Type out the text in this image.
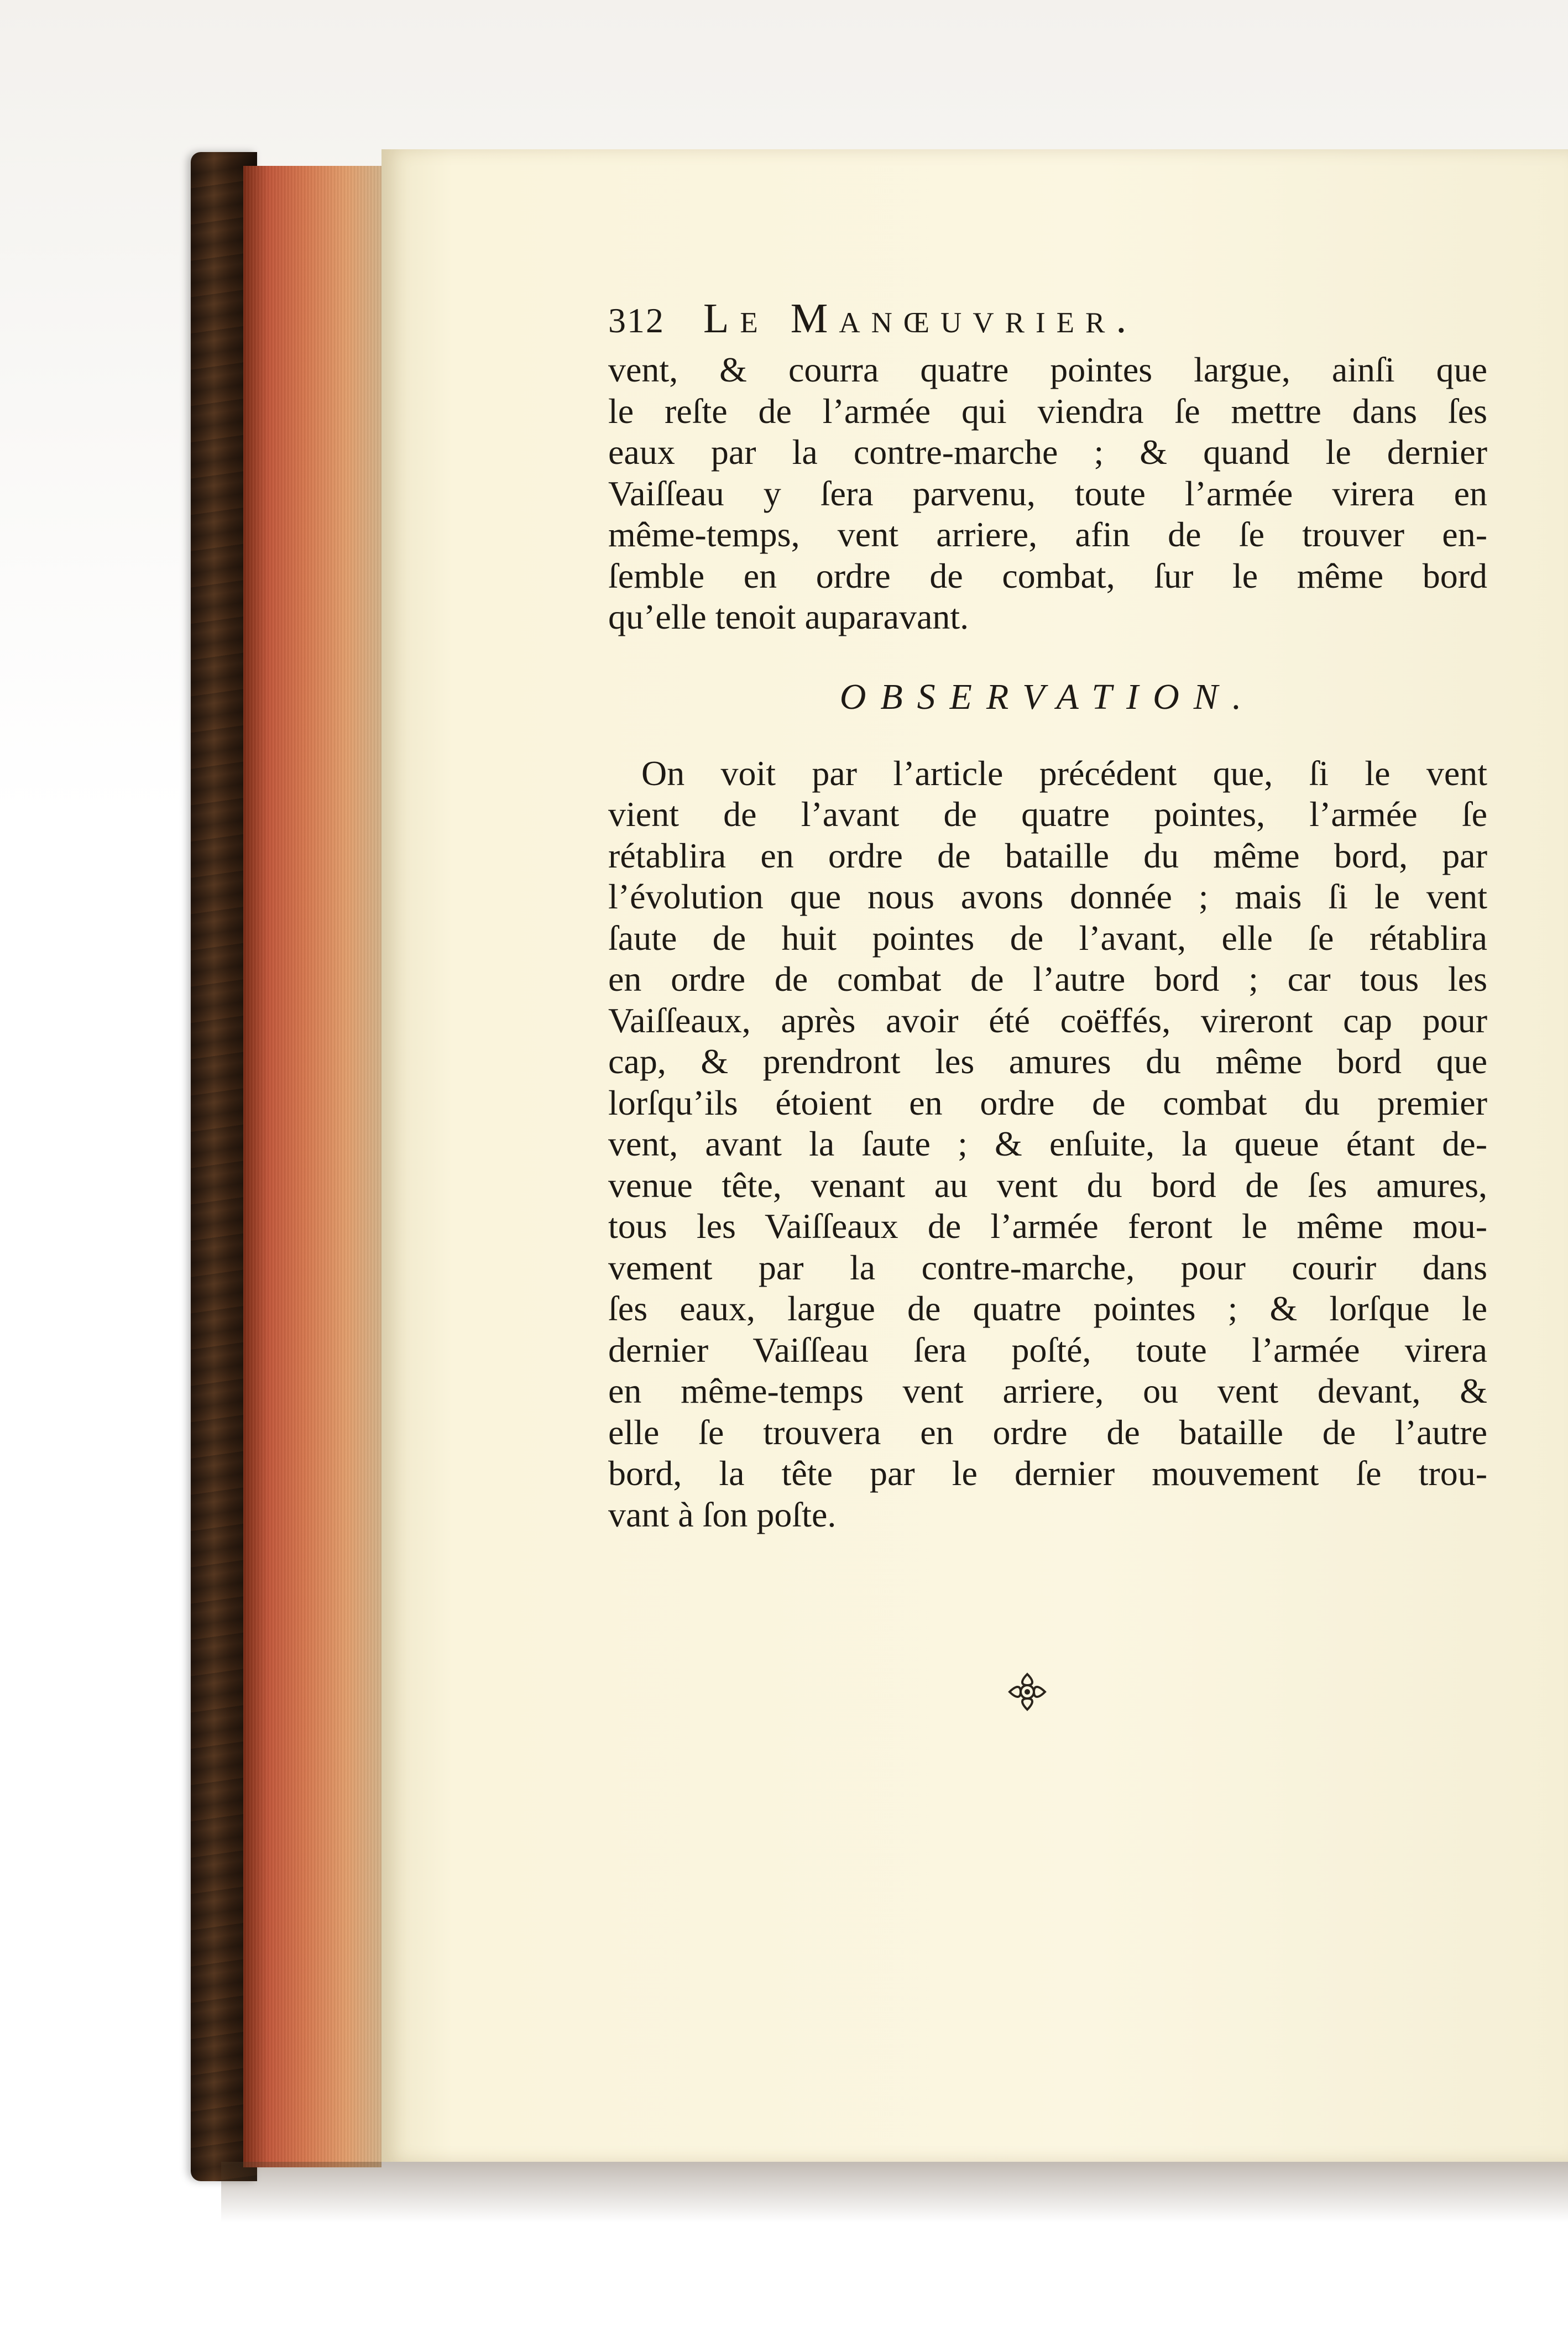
312 Le Manœuvrier.
vent, & courra quatre pointes largue, ainſi que
le reſte de l’armée qui viendra ſe mettre dans ſes
eaux par la contre-marche ; & quand le dernier
Vaiſſeau y ſera parvenu, toute l’armée virera en
même-temps, vent arriere, afin de ſe trouver en-
ſemble en ordre de combat, ſur le même bord
qu’elle tenoit auparavant.
OBSERVATION.
On voit par l’article précédent que, ſi le vent
vient de l’avant de quatre pointes, l’armée ſe
rétablira en ordre de bataille du même bord, par
l’évolution que nous avons donnée ; mais ſi le vent
ſaute de huit pointes de l’avant, elle ſe rétablira
en ordre de combat de l’autre bord ; car tous les
Vaiſſeaux, après avoir été coëffés, vireront cap pour
cap, & prendront les amures du même bord que
lorſqu’ils étoient en ordre de combat du premier
vent, avant la ſaute ; & enſuite, la queue étant de-
venue tête, venant au vent du bord de ſes amures,
tous les Vaiſſeaux de l’armée feront le même mou-
vement par la contre-marche, pour courir dans
ſes eaux, largue de quatre pointes ; & lorſque le
dernier Vaiſſeau ſera poſté, toute l’armée virera
en même-temps vent arriere, ou vent devant, &
elle ſe trouvera en ordre de bataille de l’autre
bord, la tête par le dernier mouvement ſe trou-
vant à ſon poſte.
